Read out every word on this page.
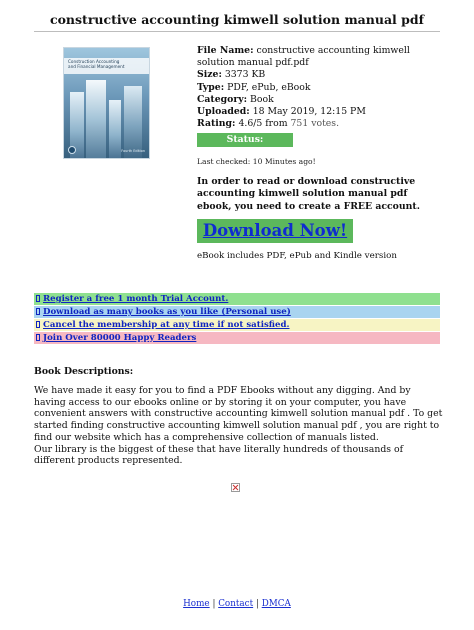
constructive accounting kimwell solution manual pdf
Construction Accounting
and Financial Management
Fourth Edition

File Name: constructive accounting kimwell solution manual pdf.pdf

Size: 3373 KB

Type: PDF, ePub, eBook

Category: Book

Uploaded: 18 May 2019, 12:15 PM

Rating: 4.6/5 from 751 votes.

Status: AVAILABLE
Last checked: 10 Minutes ago!
In order to read or download constructive accounting kimwell solution manual pdf ebook, you need to create a FREE account.
Download Now!
eBook includes PDF, ePub and Kindle version
Register a free 1 month Trial Account.
Download as many books as you like (Personal use)
Cancel the membership at any time if not satisfied.
Join Over 80000 Happy Readers
Book Descriptions:

We have made it easy for you to find a PDF Ebooks without any digging. And by having access to our ebooks online or by storing it on your computer, you have convenient answers with constructive accounting kimwell solution manual pdf . To get started finding constructive accounting kimwell solution manual pdf , you are right to find our website which has a comprehensive collection of manuals listed.

Our library is the biggest of these that have literally hundreds of thousands of different products represented.

Home | Contact | DMCA
